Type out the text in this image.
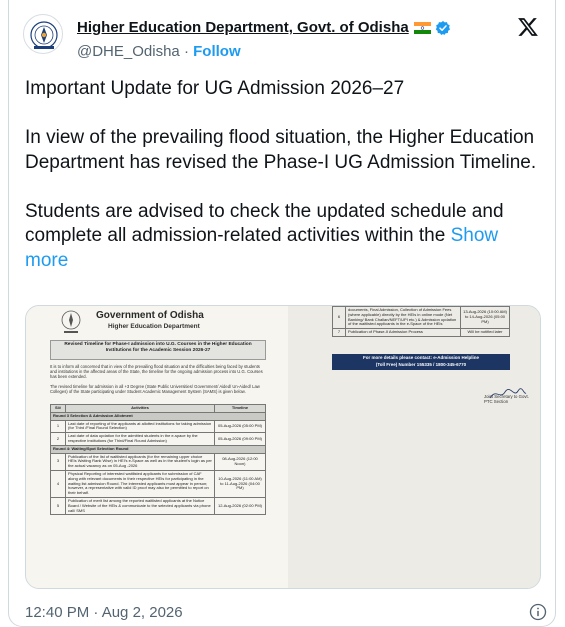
Higher Education Department, Govt. of Odisha
@DHE_Odisha · Follow

Important Update for UG Admission 2026–27

In view of the prevailing flood situation, the Higher Education Department has revised the Phase-I UG Admission Timeline.

Students are advised to check the updated schedule and complete all admission-related activities within the Show more

Government of Odisha
Higher Education Department
Revised Timeline for Phase-I admission into U.G. Courses in the Higher Education Institutions for the Academic Session 2026-27
It is to inform all concerned that in view of the prevailing flood situation and the difficulties being faced by students and institutions in the affected areas of the State, the timeline for the ongoing admission process into U.G. Courses has been extended.
The revised timeline for admission in all +3 Degree (State Public Universities/ Government/ Aided/ Un-Aided/ Law Colleges) of the State participating under Student Academic Management System (SAMS) is given below.
Sl#	Activities	Timeline
Round 3 Selection & Admission Allotment		
1	Last date of reporting of the applicants at allotted institutions for taking admission (for Third /Final Round Selection)	05-Aug-2026 (05:00 PM)
2	Last date of data updation for the admitted students in the e-space by the respective institutions (for Third/Final Round Admission)	05-Aug-2026 (09:00 PM)
Round 4: Waiting/Spot Selection Round		
3	Publication of the list of waitlisted applicants (for the remaining upper choice HEIs Waiting Rank Wise) in HEI's e-Space as well as in the student's login as per the actual vacancy as on 05-Aug -2026	08-Aug-2026 (12:00 Noon)
4	Physical Reporting of interested waitlisted applicants for submission of CAF along with relevant documents in their respective HEIs for participating in the waiting list admission Round. The interested applicants must appear in person; however, a representative with valid ID proof may also be permitted to report on their behalf.	10-Aug-2026 (11:00 AM) to 11-Aug-2026 (04:00 PM)
5	Publication of merit list among the reported waitlisted applicants at the Notice Board / Website of the HEIs & communicate to the selected applicants via phone call/ SMS	12-Aug-2026 (02:00 PM)
6	documents, Final Admission, Collection of Admission Fees (where applicable) directly by the HEIs in online mode (Net Banking/ Bank Challan/NEFT/UPI etc.) & Admission updation of the waitlisted applicants in the e-Space of the HEIs	13-Aug-2026 (10:00 AM) to 14-Aug-2026 (05:00 PM)
7	Publication of Phase-II Admission Process	Will be notified later
For more details please contact: e-Admission Helpline
(Toll Free) Number 155335 / 1800-345-6770
Joint Secretary to Govt.
PTC Section
12:40 PM · Aug 2, 2026
